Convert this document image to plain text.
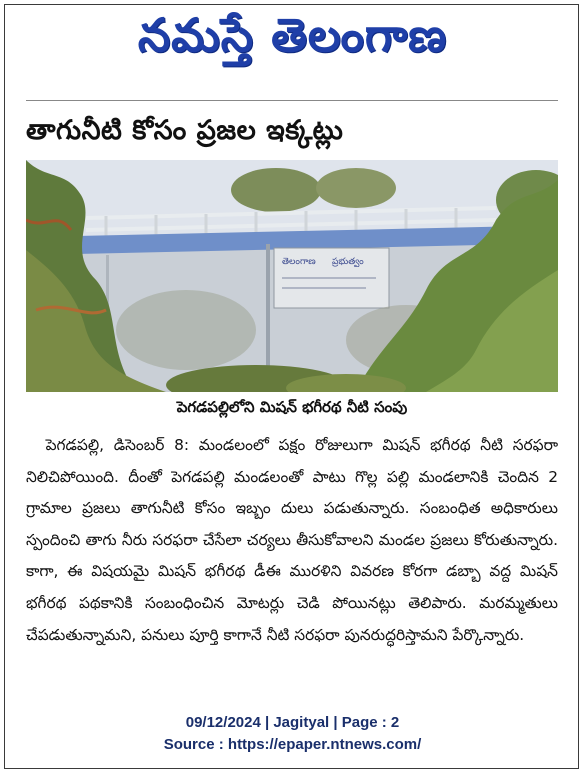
నమస్తే తెలంగాణ
తాగునీటి కోసం ప్రజల ఇక్కట్లు
తెలంగాణ ప్రభుత్వం
పెగడపల్లిలోని మిషన్ భగీరథ నీటి సంపు
పెగడపల్లి, డిసెంబర్ 8: మండలంలో పక్షం రోజులుగా మిషన్ భగీరథ నీటి సరఫరా నిలిచిపోయింది. దీంతో పెగడపల్లి మండలంతో పాటు గొల్ల పల్లి మండలానికి చెందిన 2 గ్రామాల ప్రజలు తాగునీటి కోసం ఇబ్బం దులు పడుతున్నారు. సంబంధిత అధికారులు స్పందించి తాగు నీరు సరఫరా చేసేలా చర్యలు తీసుకోవాలని మండల ప్రజలు కోరుతున్నారు. కాగా, ఈ విషయమై మిషన్ భగీరథ డీఈ మురళిని వివరణ కోరగా డబ్బా వద్ద మిషన్ భగీరథ పథకానికి సంబంధించిన మోటర్లు చెడి పోయినట్లు తెలిపారు. మరమ్మతులు చేపడుతున్నామని, పనులు పూర్తి కాగానే నీటి సరఫరా పునరుద్ధరిస్తామని పేర్కొన్నారు.
09/12/2024 | Jagityal | Page : 2
Source : https://epaper.ntnews.com/
